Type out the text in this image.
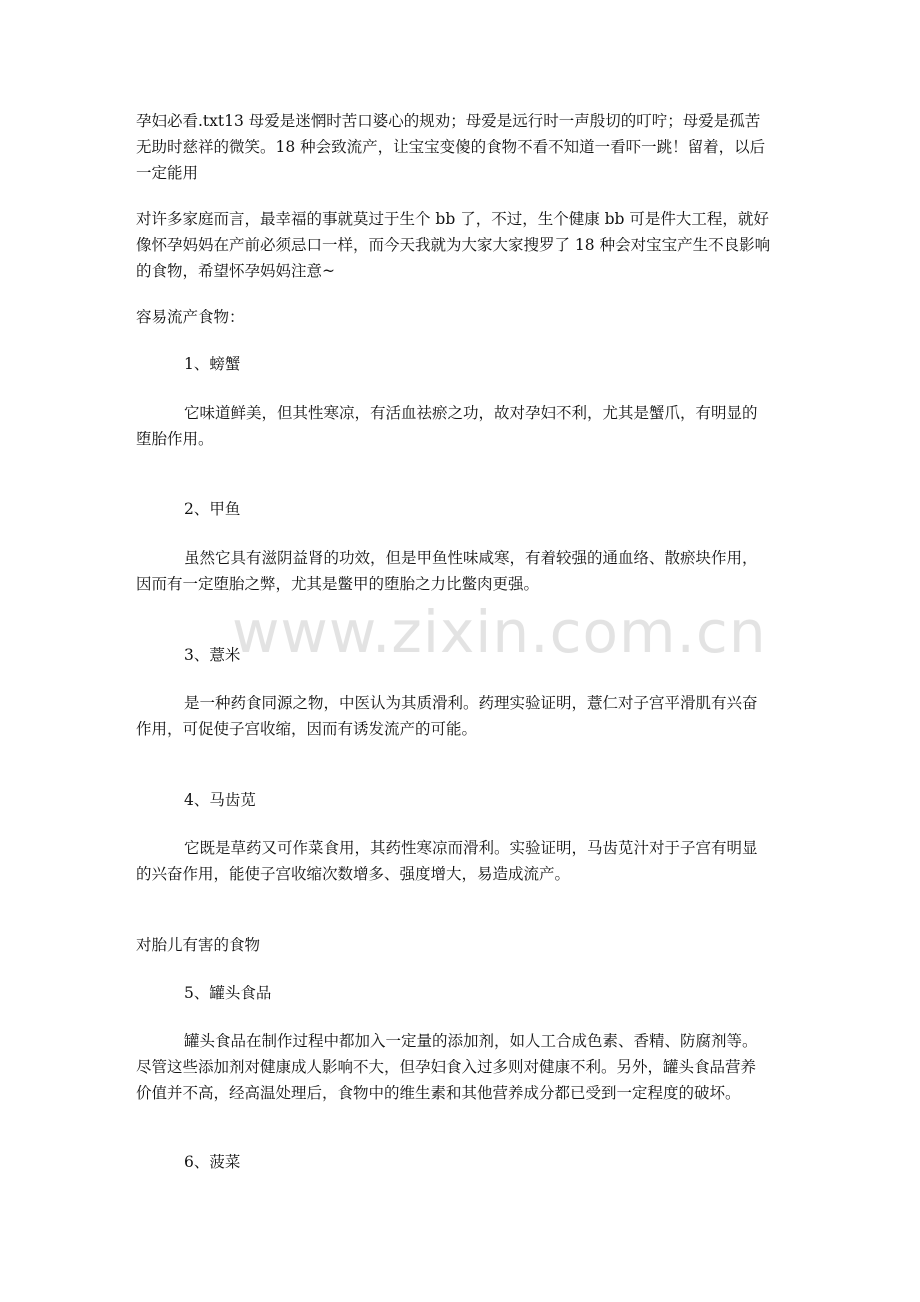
孕妇必看.txt13 母爱是迷惘时苦口婆心的规劝；母爱是远行时一声殷切的叮咛；母爱是孤苦
无助时慈祥的微笑。18 种会致流产，让宝宝变傻的食物不看不知道一看吓一跳！留着，以后
一定能用
对许多家庭而言，最幸福的事就莫过于生个 bb 了，不过，生个健康 bb 可是件大工程，就好
像怀孕妈妈在产前必须忌口一样，而今天我就为大家大家搜罗了 18 种会对宝宝产生不良影响
的食物，希望怀孕妈妈注意~
容易流产食物：
1、螃蟹
它味道鲜美，但其性寒凉，有活血祛瘀之功，故对孕妇不利，尤其是蟹爪，有明显的
堕胎作用。
2、甲鱼
虽然它具有滋阴益肾的功效，但是甲鱼性味咸寒，有着较强的通血络、散瘀块作用，
因而有一定堕胎之弊，尤其是鳖甲的堕胎之力比鳖肉更强。
3、薏米
是一种药食同源之物，中医认为其质滑利。药理实验证明，薏仁对子宫平滑肌有兴奋
作用，可促使子宫收缩，因而有诱发流产的可能。
4、马齿苋
它既是草药又可作菜食用，其药性寒凉而滑利。实验证明，马齿苋汁对于子宫有明显
的兴奋作用，能使子宫收缩次数增多、强度增大，易造成流产。
对胎儿有害的食物
5、罐头食品
罐头食品在制作过程中都加入一定量的添加剂，如人工合成色素、香精、防腐剂等。
尽管这些添加剂对健康成人影响不大，但孕妇食入过多则对健康不利。另外，罐头食品营养
价值并不高，经高温处理后，食物中的维生素和其他营养成分都已受到一定程度的破坏。
6、菠菜
www.zixin.com.cn
